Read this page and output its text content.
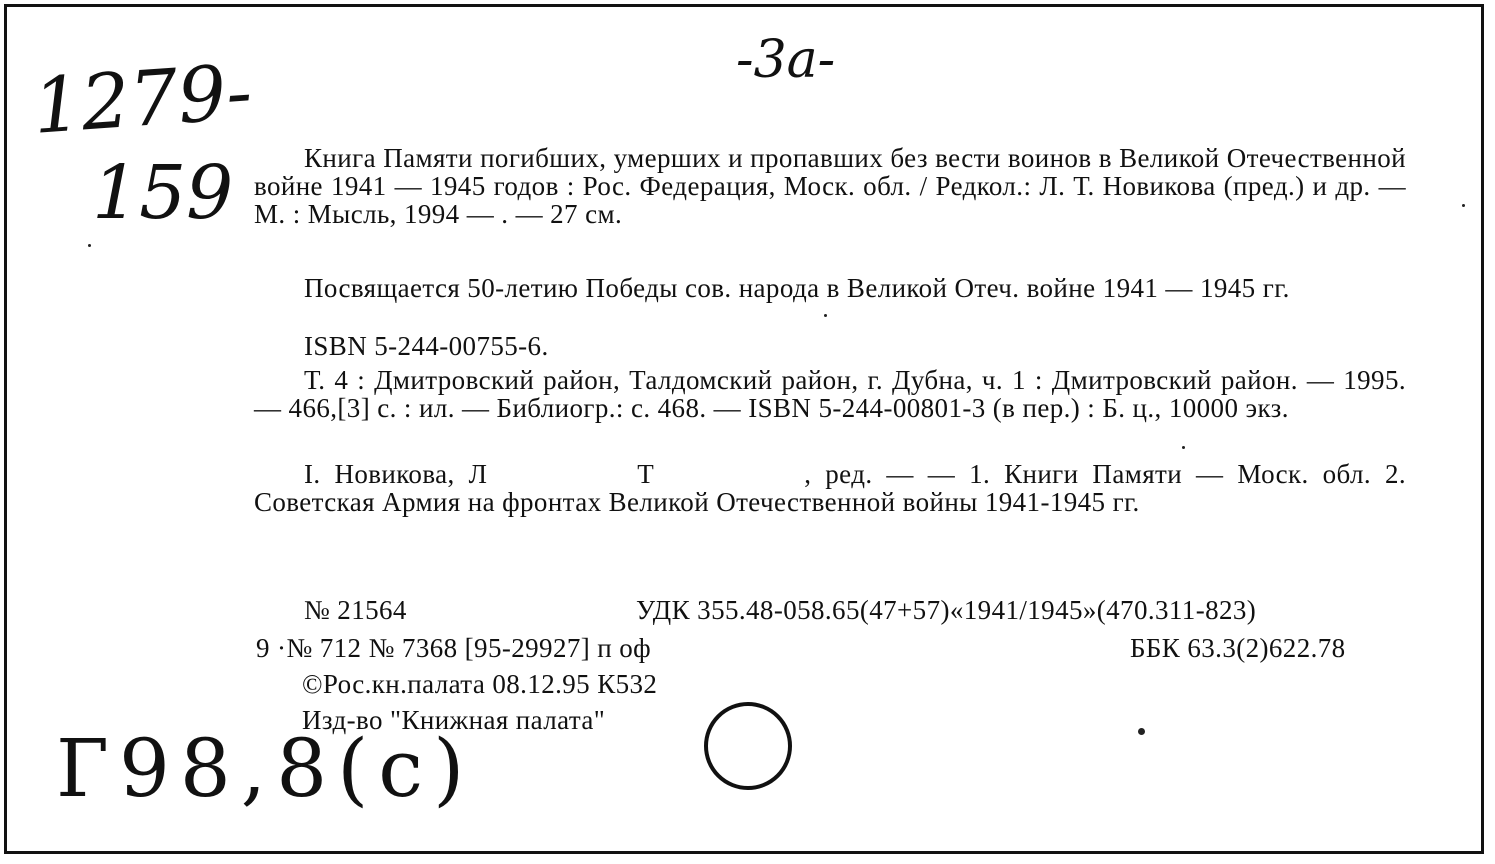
-3a-
1279-
159
Г98,8(с)
Книга Памяти погибших, умерших и пропавших без вести воинов в Великой Отечественной войне 1941 — 1945 годов : Рос. Федерация, Моск. обл. / Редкол.: Л. Т. Новикова (пред.) и др. — М. : Мысль, 1994 — . — 27 см.
Посвящается 50-летию Победы сов. народа в Великой Отеч. войне 1941 — 1945 гг.
ISBN 5-244-00755-6.
Т. 4 : Дмитровский район, Талдомский район, г. Дубна, ч. 1 : Дмитровский район. — 1995. — 466,[3] с. : ил. — Библиогр.: с. 468. — ISBN 5-244-00801-3 (в пер.) : Б. ц., 10000 экз.
I. Новикова, Л	Т	, ред. — — 1. Книги Памяти — Моск. обл. 2. Советская Армия на фронтах Великой Отечественной войны 1941-1945 гг.
№ 21564	УДК 355.48-058.65(47+57)«1941/1945»(470.311-823)
9 ·№ 712 № 7368 [95-29927] п оф	ББК 63.3(2)622.78
©Рос.кн.палата 08.12.95 К532
Изд-во "Книжная палата"
